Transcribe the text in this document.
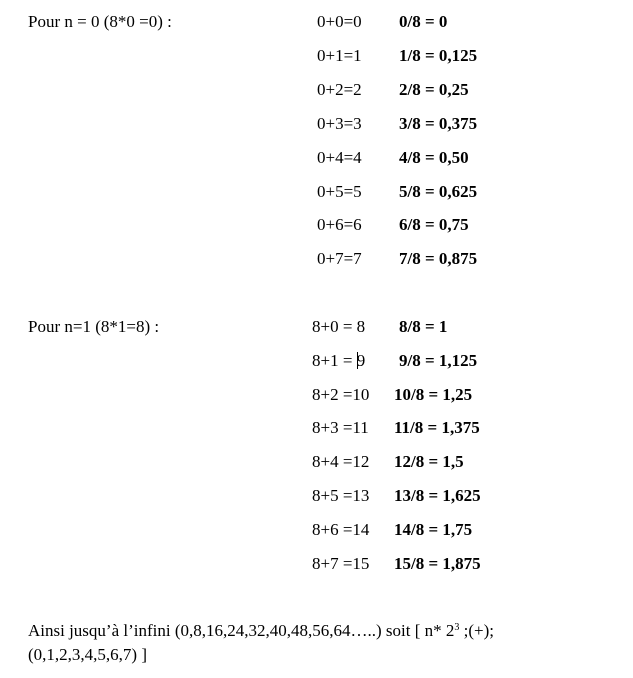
Pour n = 0 (8*0 =0) :	0+0=0 0/8 = 0
0+1=1 1/8 = 0,125
0+2=2 2/8 = 0,25
0+3=3 3/8 = 0,375
0+4=4 4/8 = 0,50
0+5=5 5/8 = 0,625
0+6=6 6/8 = 0,75
0+7=7 7/8 = 0,875
Pour n=1 (8*1=8) :	8+0 = 8 8/8 = 1
8+1 = 9 9/8 = 1,125
8+2 =10 10/8 = 1,25
8+3 =11 11/8 = 1,375
8+4 =12 12/8 = 1,5
8+5 =13 13/8 = 1,625
8+6 =14 14/8 = 1,75
8+7 =15 15/8 = 1,875
Ainsi jusqu’à l’infini (0,8,16,24,32,40,48,56,64…..) soit [ n* $2^3$ ;(+);
(0,1,2,3,4,5,6,7) ]
